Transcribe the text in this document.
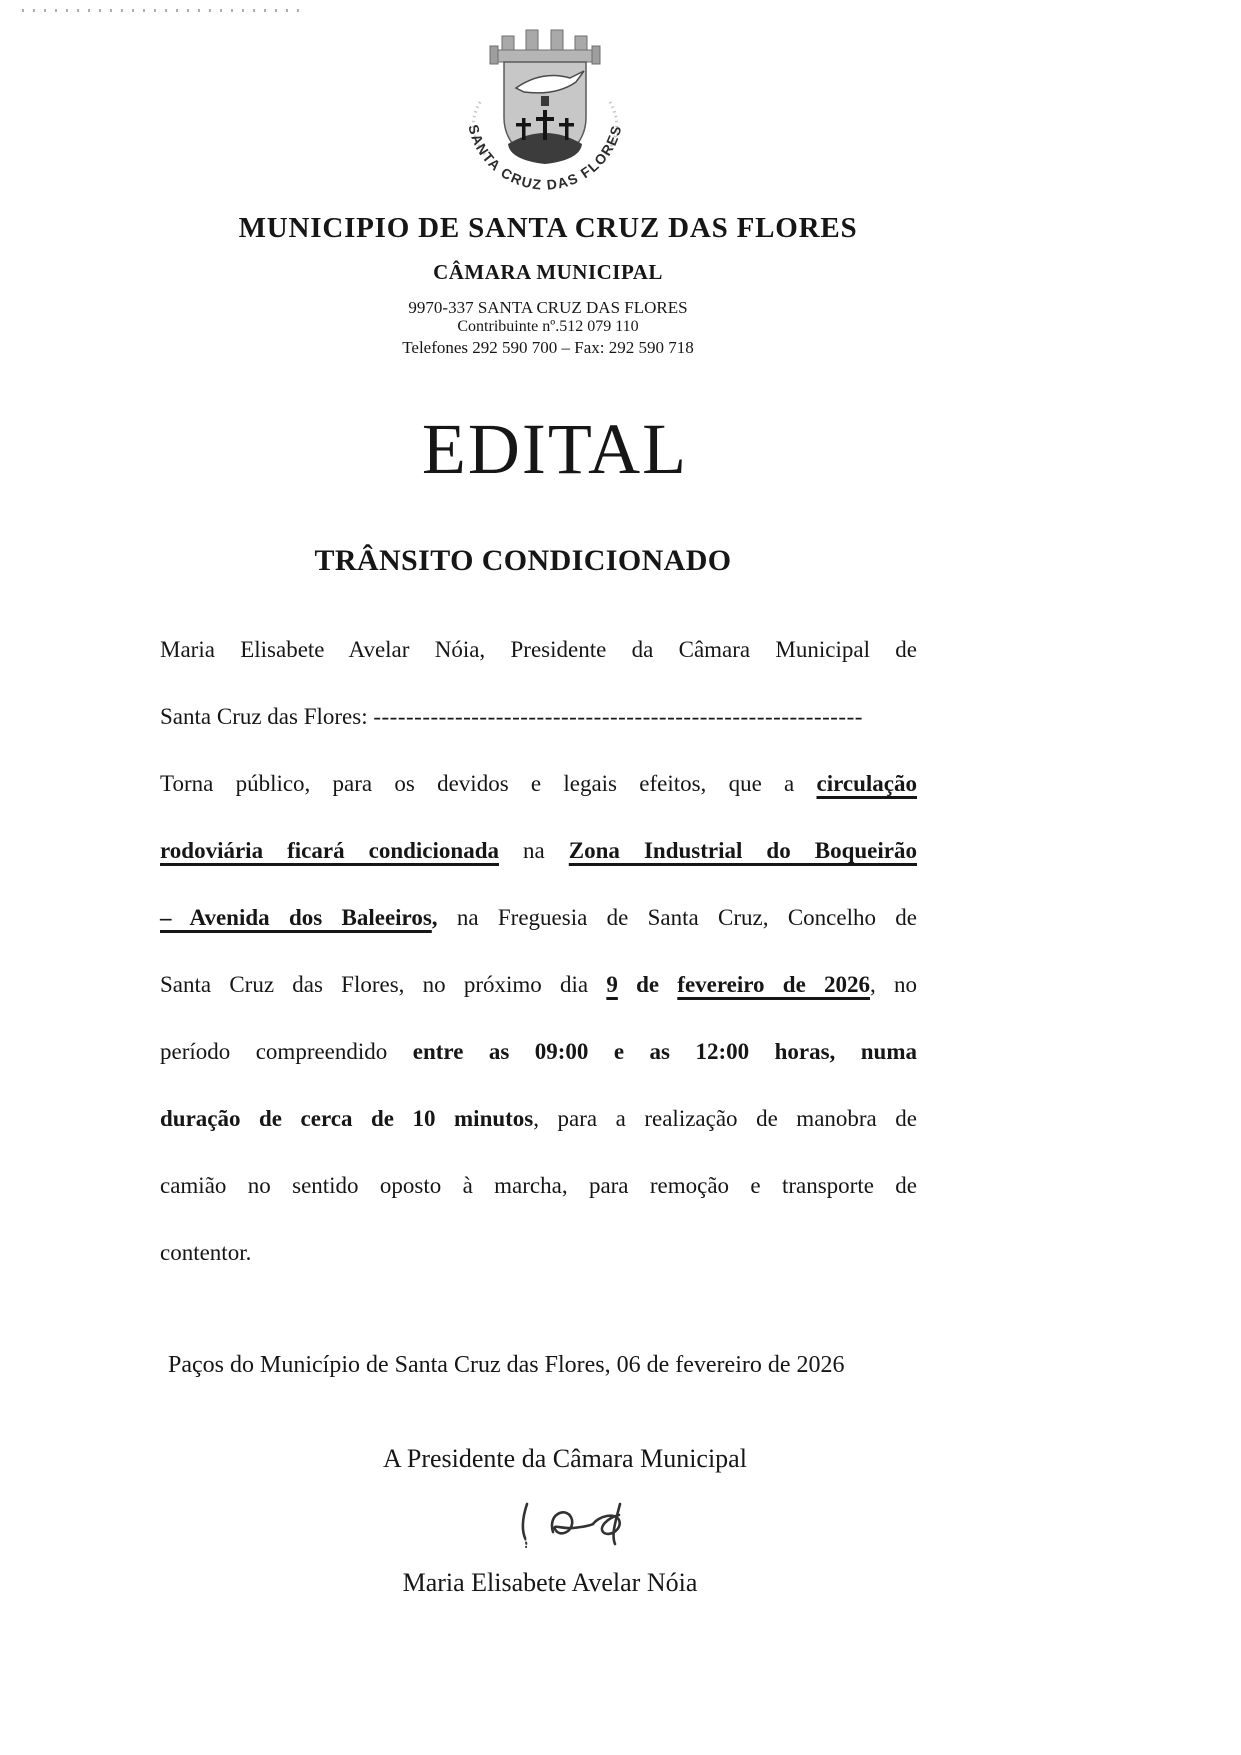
SANTA CRUZ DAS FLORES
MUNICIPIO DE SANTA CRUZ DAS FLORES
CÂMARA MUNICIPAL
9970-337 SANTA CRUZ DAS FLORES
Contribuinte nº.512 079 110
Telefones 292 590 700 – Fax: 292 590 718
EDITAL
TRÂNSITO CONDICIONADO
Maria Elisabete Avelar Nóia, Presidente da Câmara Municipal de
Santa Cruz das Flores: ------------------------------------------------------------
Torna público, para os devidos e legais efeitos, que a circulação
rodoviária ficará condicionada na Zona Industrial do Boqueirão
– Avenida dos Baleeiros, na Freguesia de Santa Cruz, Concelho de
Santa Cruz das Flores, no próximo dia 9 de fevereiro de 2026, no
período compreendido entre as 09:00 e as 12:00 horas, numa
duração de cerca de 10 minutos, para a realização de manobra de
camião no sentido oposto à marcha, para remoção e transporte de
contentor.
Paços do Município de Santa Cruz das Flores, 06 de fevereiro de 2026
A Presidente da Câmara Municipal
Maria Elisabete Avelar Nóia
